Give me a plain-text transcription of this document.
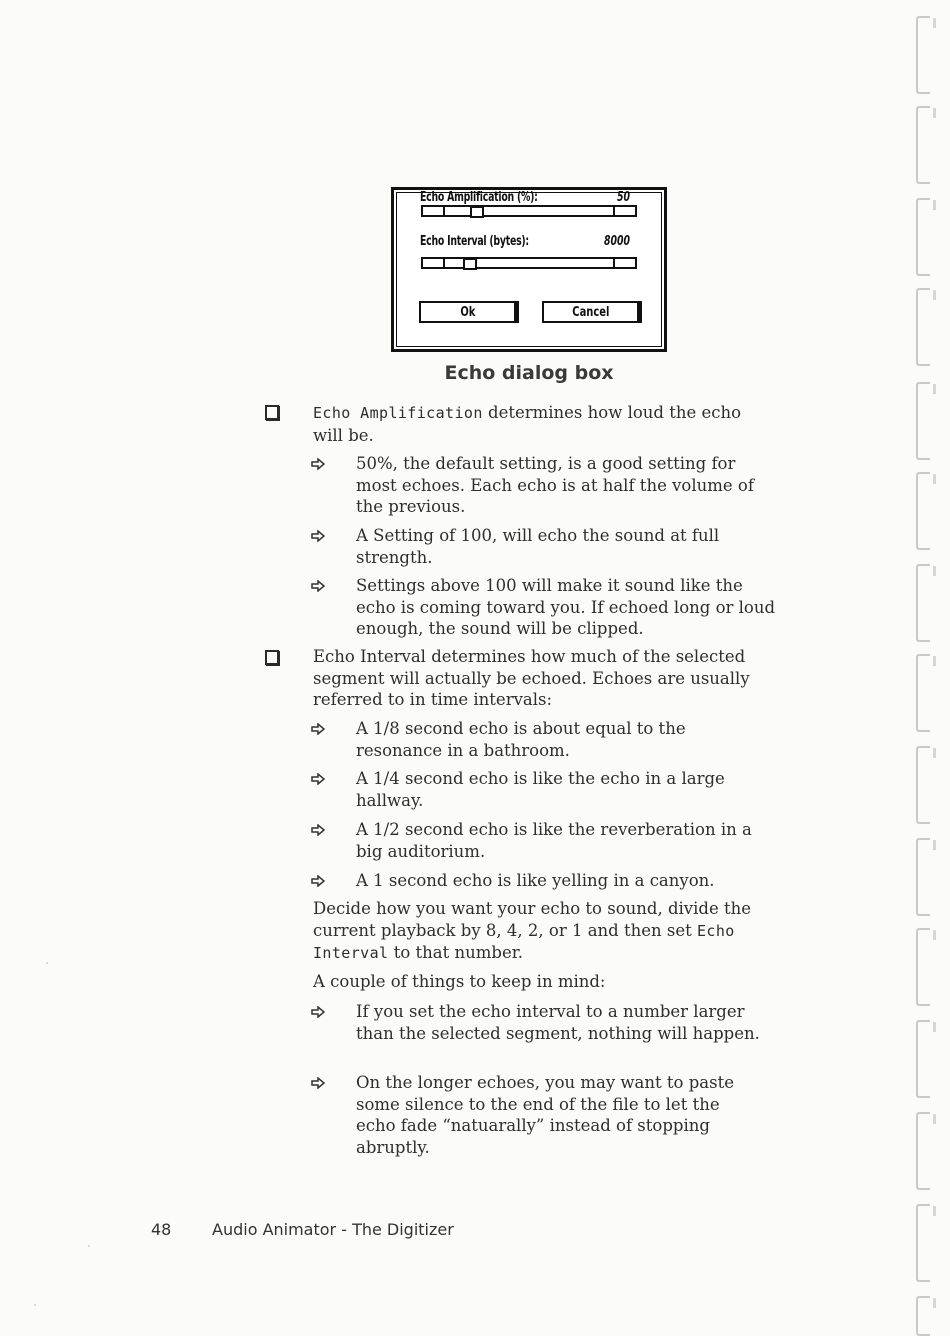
Echo Amplification (%):	50
Echo Interval (bytes):	8000
Ok	Cancel
Echo dialog box
Echo Amplification determines how loud the echo will be.
50%, the default setting, is a good setting for most echoes. Each echo is at half the volume of the previous.
A Setting of 100, will echo the sound at full strength.
Settings above 100 will make it sound like the echo is coming toward you. If echoed long or loud enough, the sound will be clipped.
Echo Interval determines how much of the selected segment will actually be echoed. Echoes are usually referred to in time intervals:
A 1/8 second echo is about equal to the resonance in a bathroom.
A 1/4 second echo is like the echo in a large hallway.
A 1/2 second echo is like the reverberation in a big auditorium.
A 1 second echo is like yelling in a canyon.
Decide how you want your echo to sound, divide the current playback by 8, 4, 2, or 1 and then set Echo Interval to that number.
A couple of things to keep in mind:
If you set the echo interval to a number larger than the selected segment, nothing will happen.
On the longer echoes, you may want to paste some silence to the end of the file to let the echo fade “natuarally” instead of stopping abruptly.
48	Audio Animator - The Digitizer
